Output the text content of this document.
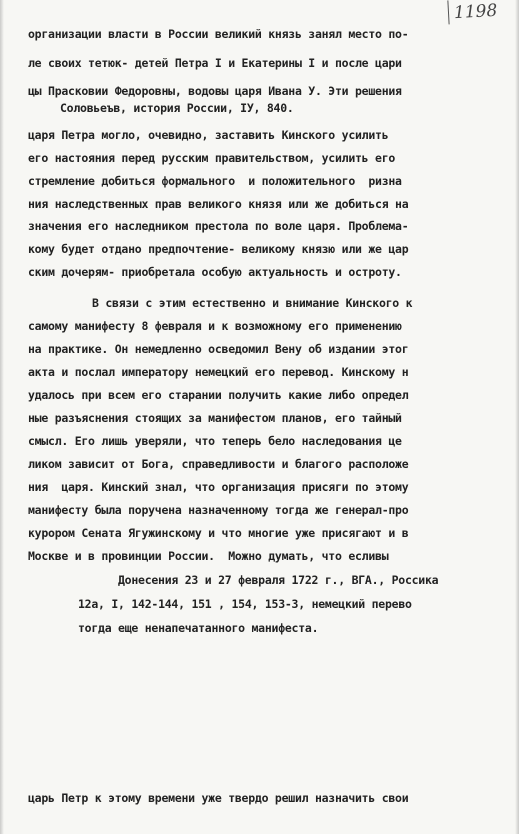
1198

организации власти в России великий князь занял место по-

ле своих тетюк- детей Петра I и Екатерины I и после цари

цы Прасковии Федоровны, водовы царя Ивана У. Эти решения

Соловьеъв, история России, IУ, 840.

царя Петра могло, очевидно, заставить Кинского усилить

его настояния перед русским правительством, усилить его

стремление добиться формального  и положительного  ризна

ния наследственных прав великого князя или же добиться на

значения его наследником престола по воле царя. Проблема-

кому будет отдано предпочтение- великому князю или же цар

ским дочерям- приобретала особую актуальность и остроту.

В связи с этим естественно и внимание Кинского к

самому манифесту 8 февраля и к возможному его применению

на практике. Он немедленно осведомил Вену об издании этог

акта и послал императору немецкий его перевод. Кинскому н

удалось при всем его старании получить какие либо определ

ные разъяснения стоящих за манифестом планов, его тайный

смысл. Его лишь уверяли, что теперь бело наследования це

ликом зависит от Бога, справедливости и благого расположе

ния  царя. Кинский знал, что организация присяги по этому

манифесту была поручена назначенному тогда же генерал-про

курором Сената Ягужинскому и что многие уже присягают и в

Москве и в провинции России.  Можно думать, что есливы

Донесения 23 и 27 февраля 1722 г., ВГА., Россика

12а, I, 142-144, 151 , 154, 153-3, немецкий перево

тогда еще ненапечатанного манифеста.

царь Петр к этому времени уже твердо решил назначить свои
